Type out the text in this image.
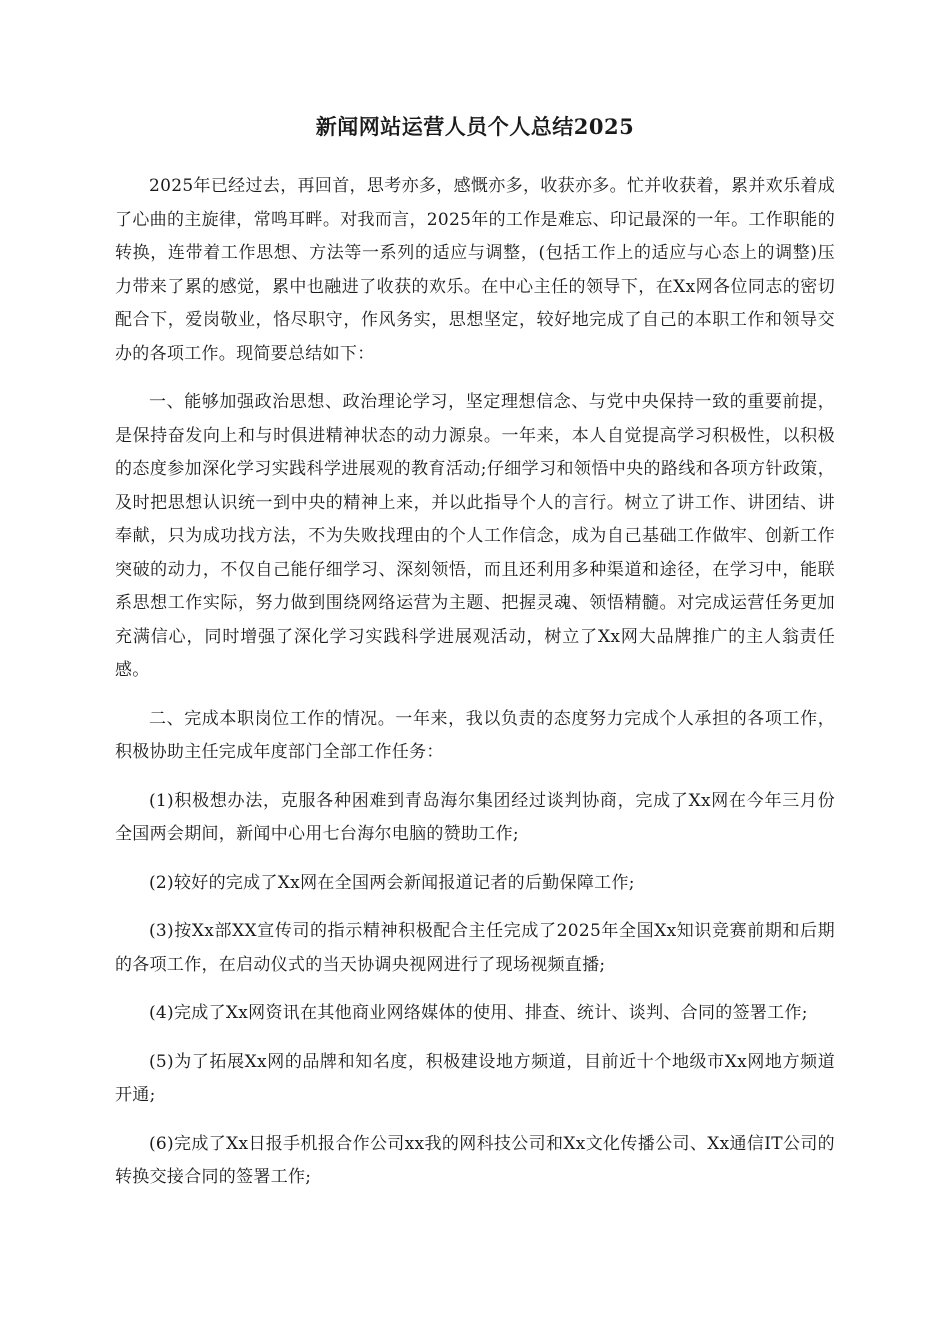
新闻网站运营人员个人总结2025

2025年已经过去，再回首，思考亦多，感慨亦多，收获亦多。忙并收获着，累并欢乐着成了心曲的主旋律，常鸣耳畔。对我而言，2025年的工作是难忘、印记最深的一年。工作职能的转换，连带着工作思想、方法等一系列的适应与调整，(包括工作上的适应与心态上的调整)压力带来了累的感觉，累中也融进了收获的欢乐。在中心主任的领导下，在Xx网各位同志的密切配合下，爱岗敬业，恪尽职守，作风务实，思想坚定，较好地完成了自己的本职工作和领导交办的各项工作。现简要总结如下：

一、能够加强政治思想、政治理论学习，坚定理想信念、与党中央保持一致的重要前提，是保持奋发向上和与时俱进精神状态的动力源泉。一年来，本人自觉提高学习积极性，以积极的态度参加深化学习实践科学进展观的教育活动;仔细学习和领悟中央的路线和各项方针政策，及时把思想认识统一到中央的精神上来，并以此指导个人的言行。树立了讲工作、讲团结、讲奉献，只为成功找方法，不为失败找理由的个人工作信念，成为自己基础工作做牢、创新工作突破的动力，不仅自己能仔细学习、深刻领悟，而且还利用多种渠道和途径，在学习中，能联系思想工作实际，努力做到围绕网络运营为主题、把握灵魂、领悟精髓。对完成运营任务更加充满信心，同时增强了深化学习实践科学进展观活动，树立了Xx网大品牌推广的主人翁责任感。

二、完成本职岗位工作的情况。一年来，我以负责的态度努力完成个人承担的各项工作，积极协助主任完成年度部门全部工作任务：

(1)积极想办法，克服各种困难到青岛海尔集团经过谈判协商，完成了Xx网在今年三月份全国两会期间，新闻中心用七台海尔电脑的赞助工作;

(2)较好的完成了Xx网在全国两会新闻报道记者的后勤保障工作;

(3)按Xx部XX宣传司的指示精神积极配合主任完成了2025年全国Xx知识竞赛前期和后期的各项工作，在启动仪式的当天协调央视网进行了现场视频直播;

(4)完成了Xx网资讯在其他商业网络媒体的使用、排查、统计、谈判、合同的签署工作;

(5)为了拓展Xx网的品牌和知名度，积极建设地方频道，目前近十个地级市Xx网地方频道开通;

(6)完成了Xx日报手机报合作公司xx我的网科技公司和Xx文化传播公司、Xx通信IT公司的转换交接合同的签署工作;
